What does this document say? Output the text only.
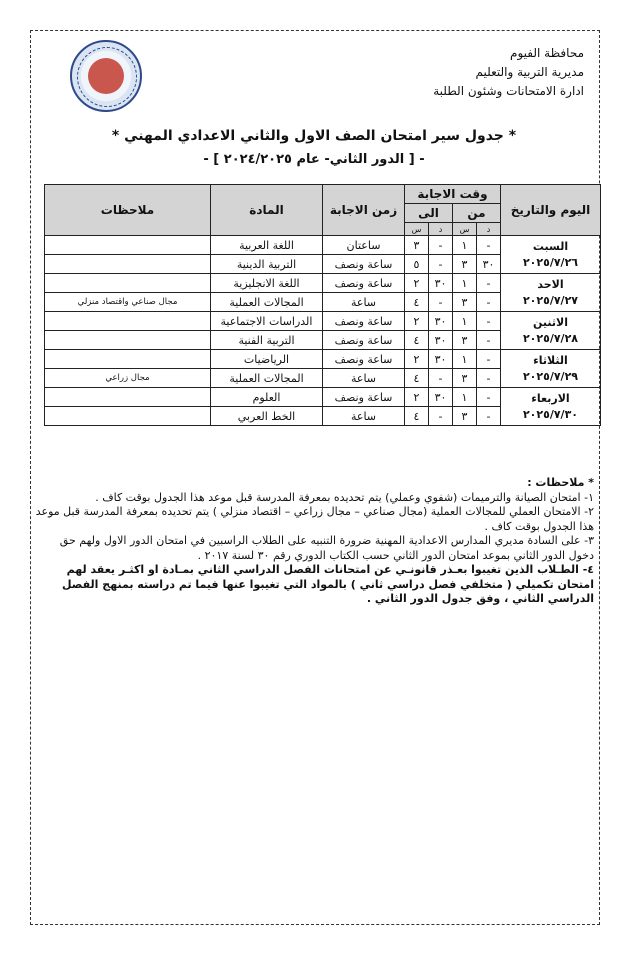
محافظة الفيوم
مديرية التربية والتعليم
ادارة الامتحانات وشئون الطلبة
* جدول سير امتحان الصف الاول والثاني الاعدادي المهني *
- [ الدور الثاني- عام ٢٠٢٤/٢٠٢٥ ] -
اليوم والتاريخ	وقت الاجابة				زمن الاجابة	المادة	ملاحظات
	من		الى				
	د	س	د	س			

السبت
٢٠٢٥/٧/٢٦	-	١	-	٣	ساعتان	اللغة العربية	
	٣٠	٣	-	٥	ساعة ونصف	التربية الدينية	

الاحد
٢٠٢٥/٧/٢٧	-	١	٣٠	٢	ساعة ونصف	اللغة الانجليزية	
	-	٣	-	٤	ساعة	المجالات العملية	مجال صناعي واقتصاد منزلي

الاثنين
٢٠٢٥/٧/٢٨	-	١	٣٠	٢	ساعة ونصف	الدراسات الاجتماعية	
	-	٣	٣٠	٤	ساعة ونصف	التربية الفنية	

الثلاثاء
٢٠٢٥/٧/٢٩	-	١	٣٠	٢	ساعة ونصف	الرياضيات	
	-	٣	-	٤	ساعة	المجالات العملية	مجال زراعي

الاربعاء
٢٠٢٥/٧/٣٠	-	١	٣٠	٢	ساعة ونصف	العلوم	
	-	٣	-	٤	ساعة	الخط العربي	

* ملاحظات :

١- امتحان الصيانة والترميمات (شفوي وعملي) يتم تحديده بمعرفة المدرسة قبل موعد هذا الجدول بوقت كاف .

٢- الامتحان العملي للمجالات العملية (مجال صناعي – مجال زراعي – اقتصاد منزلي ) يتم تحديده بمعرفة المدرسة قبل موعد هذا الجدول بوقت كاف .

٣- على السادة مديري المدارس الاعدادية المهنية ضرورة التنبيه على الطلاب الراسبين في امتحان الدور الاول ولهم حق دخول الدور الثاني بموعد امتحان الدور الثاني حسب الكتاب الدوري رقم ٣٠ لسنة ٢٠١٧ .

٤- الطـلاب الذين تغيبوا بعـذر قانونـي عن امتحانات الفصل الدراسي الثاني بمـادة او اكثـر يعقد لهم امتحان تكميلي ( متخلفي فصل دراسي ثاني ) بالمواد التي تغيبوا عنها فيما تم دراسته بمنهج الفصل الدراسي الثاني ، وفق جدول الدور الثاني .
